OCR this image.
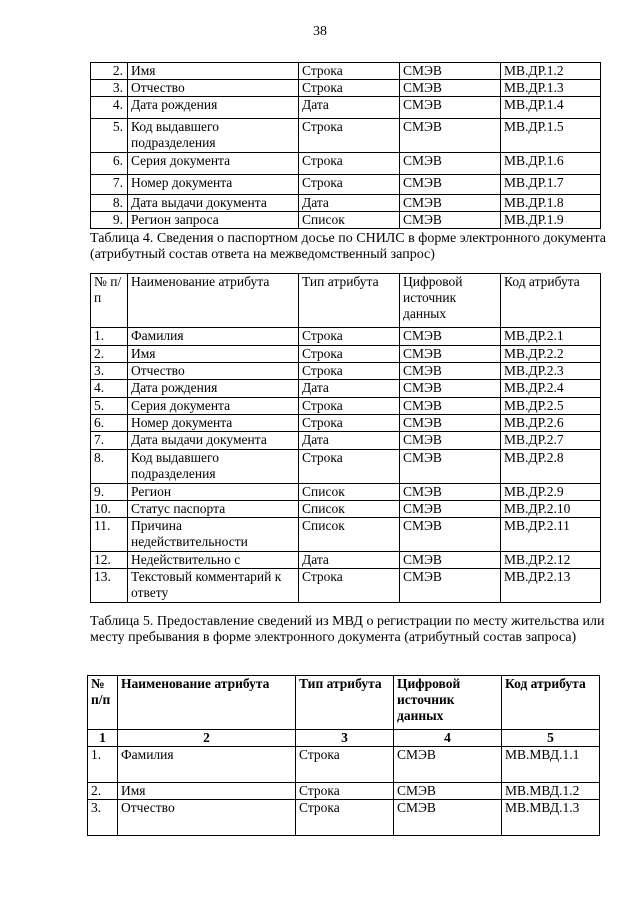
38
2.	Имя	Строка	СМЭВ	МВ.ДР.1.2
3.	Отчество	Строка	СМЭВ	МВ.ДР.1.3
4.	Дата рождения	Дата	СМЭВ	МВ.ДР.1.4
5.	Код выдавшего подразделения	Строка	СМЭВ	МВ.ДР.1.5
6.	Серия документа	Строка	СМЭВ	МВ.ДР.1.6
7.	Номер документа	Строка	СМЭВ	МВ.ДР.1.7
8.	Дата выдачи документа	Дата	СМЭВ	МВ.ДР.1.8
9.	Регион запроса	Список	СМЭВ	МВ.ДР.1.9
Таблица 4. Сведения о паспортном досье по СНИЛС в форме электронного документа (атрибутный состав ответа на межведомственный запрос)
№ п/п	Наименование атрибута	Тип атрибута	Цифровой источник данных	Код атрибута
1.	Фамилия	Строка	СМЭВ	МВ.ДР.2.1
2.	Имя	Строка	СМЭВ	МВ.ДР.2.2
3.	Отчество	Строка	СМЭВ	МВ.ДР.2.3
4.	Дата рождения	Дата	СМЭВ	МВ.ДР.2.4
5.	Серия документа	Строка	СМЭВ	МВ.ДР.2.5
6.	Номер документа	Строка	СМЭВ	МВ.ДР.2.6
7.	Дата выдачи документа	Дата	СМЭВ	МВ.ДР.2.7
8.	Код выдавшего подразделения	Строка	СМЭВ	МВ.ДР.2.8
9.	Регион	Список	СМЭВ	МВ.ДР.2.9
10.	Статус паспорта	Список	СМЭВ	МВ.ДР.2.10
11.	Причина недействительности	Список	СМЭВ	МВ.ДР.2.11
12.	Недействительно с	Дата	СМЭВ	МВ.ДР.2.12
13.	Текстовый комментарий к ответу	Строка	СМЭВ	МВ.ДР.2.13
Таблица 5. Предоставление сведений из МВД о регистрации по месту жительства или месту пребывания в форме электронного документа (атрибутный состав запроса)
№ п/п	Наименование атрибута	Тип атрибута	Цифровой источник данных	Код атрибута
1	2	3	4	5
1.	Фамилия	Строка	СМЭВ	МВ.МВД.1.1
2.	Имя	Строка	СМЭВ	МВ.МВД.1.2
3.	Отчество	Строка	СМЭВ	МВ.МВД.1.3
